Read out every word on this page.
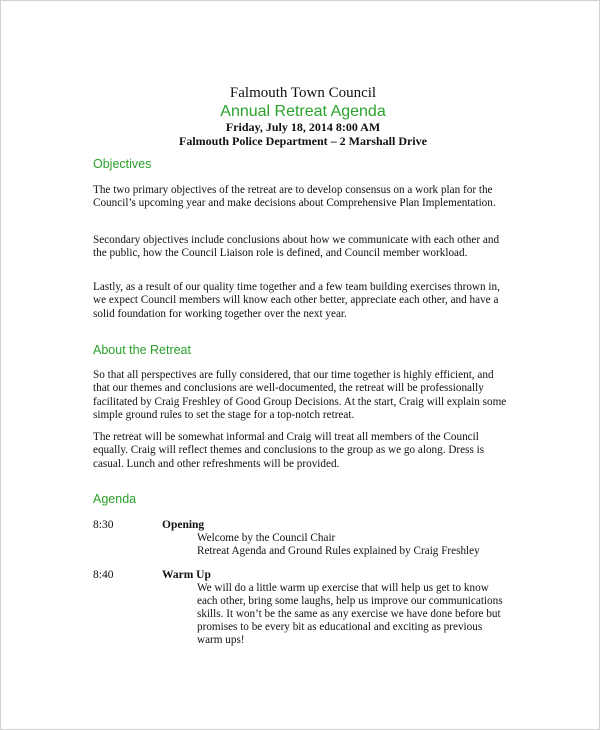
Falmouth Town Council
Annual Retreat Agenda
Friday, July 18, 2014 8:00 AM
Falmouth Police Department – 2 Marshall Drive
Objectives

The two primary objectives of the retreat are to develop consensus on a work plan for the Council’s upcoming year and make decisions about Comprehensive Plan Implementation.

Secondary objectives include conclusions about how we communicate with each other and the public, how the Council Liaison role is defined, and Council member workload.

Lastly, as a result of our quality time together and a few team building exercises thrown in, we expect Council members will know each other better, appreciate each other, and have a solid foundation for working together over the next year.

About the Retreat

So that all perspectives are fully considered, that our time together is highly efficient, and that our themes and conclusions are well-documented, the retreat will be professionally facilitated by Craig Freshley of Good Group Decisions. At the start, Craig will explain some simple ground rules to set the stage for a top-notch retreat.

The retreat will be somewhat informal and Craig will treat all members of the Council equally. Craig will reflect themes and conclusions to the group as we go along. Dress is casual. Lunch and other refreshments will be provided.

Agenda
8:30	Opening
Welcome by the Council Chair
Retreat Agenda and Ground Rules explained by Craig Freshley
8:40	Warm Up

We will do a little warm up exercise that will help us get to know each other, bring some laughs, help us improve our communications skills. It won’t be the same as any exercise we have done before but promises to be every bit as educational and exciting as previous warm ups!
